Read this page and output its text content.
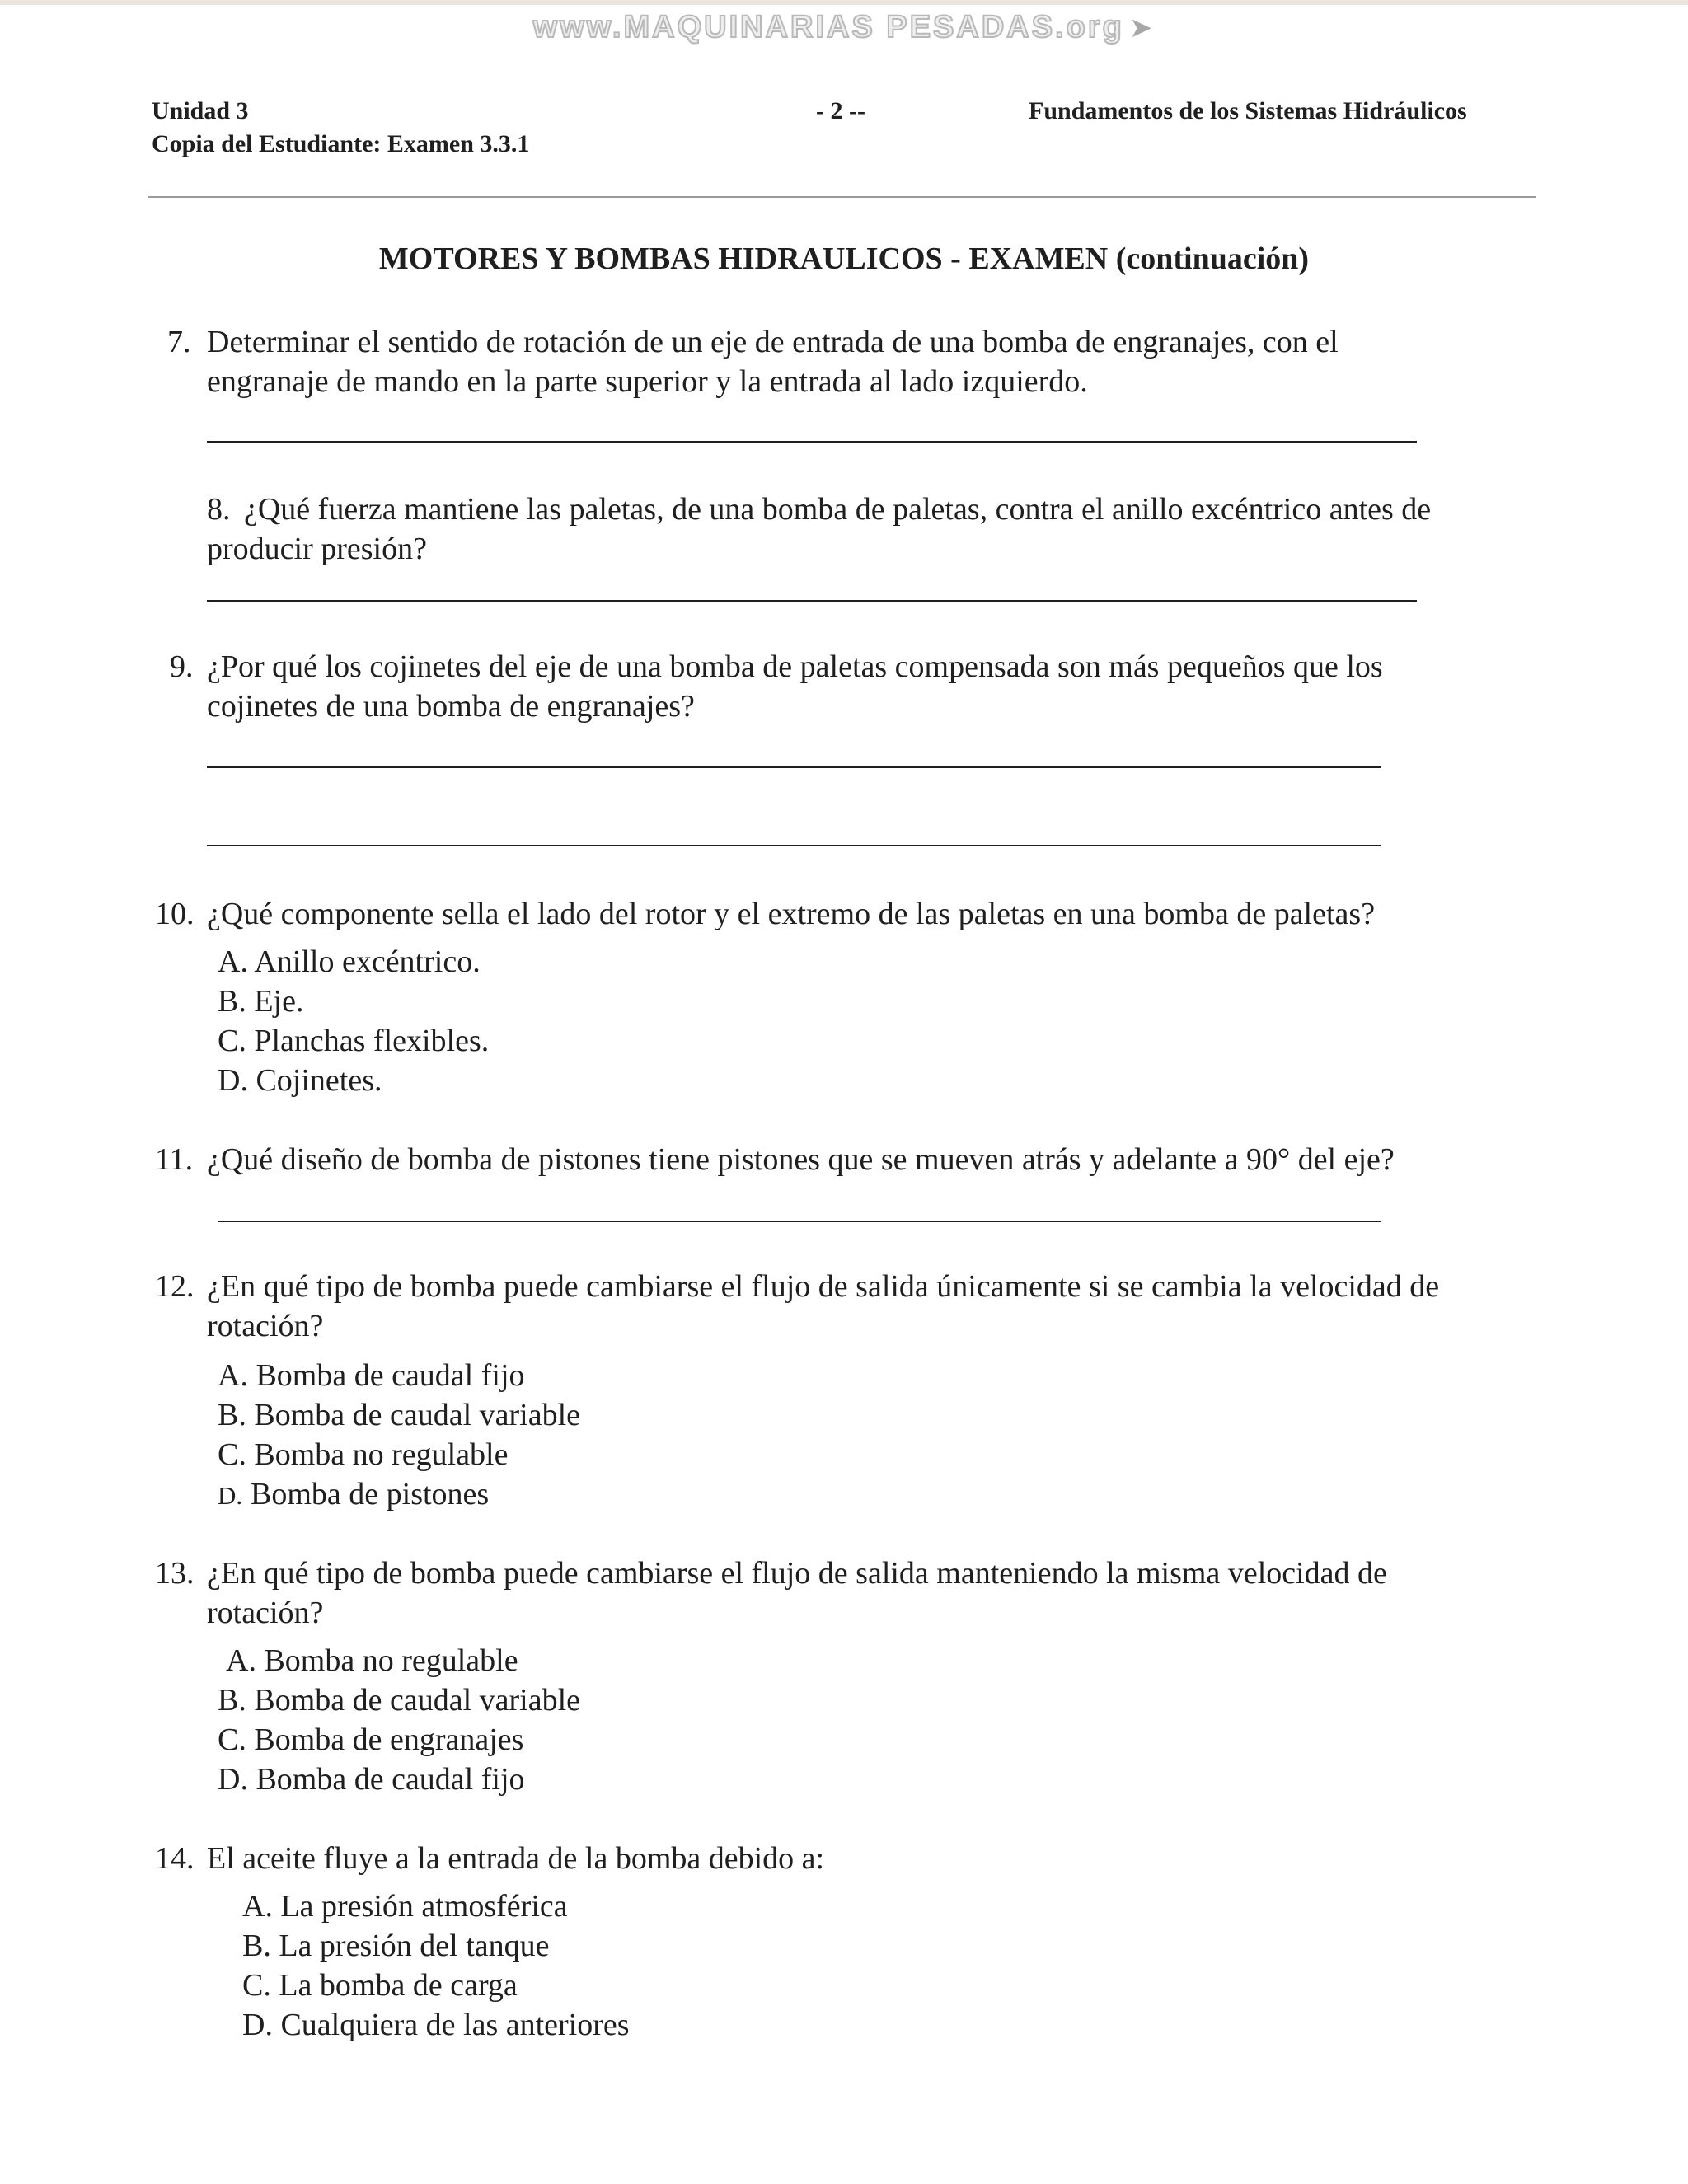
www.MAQUINARIAS PESADAS.org ➤
Unidad 3	- 2 --	Fundamentos de los Sistemas Hidráulicos
Copia del Estudiante: Examen 3.3.1
MOTORES Y BOMBAS HIDRAULICOS - EXAMEN (continuación)
7. Determinar el sentido de rotación de un eje de entrada de una bomba de engranajes, con el
engranaje de mando en la parte superior y la entrada al lado izquierdo.
8. ¿Qué fuerza mantiene las paletas, de una bomba de paletas, contra el anillo excéntrico antes de
producir presión?
9. ¿Por qué los cojinetes del eje de una bomba de paletas compensada son más pequeños que los
cojinetes de una bomba de engranajes?
10. ¿Qué componente sella el lado del rotor y el extremo de las paletas en una bomba de paletas?
A. Anillo excéntrico.
B. Eje.
C. Planchas flexibles.
D. Cojinetes.
11. ¿Qué diseño de bomba de pistones tiene pistones que se mueven atrás y adelante a 90° del eje?
12. ¿En qué tipo de bomba puede cambiarse el flujo de salida únicamente si se cambia la velocidad de
rotación?
A. Bomba de caudal fijo
B. Bomba de caudal variable
C. Bomba no regulable
D. Bomba de pistones
13. ¿En qué tipo de bomba puede cambiarse el flujo de salida manteniendo la misma velocidad de
rotación?
A. Bomba no regulable
B. Bomba de caudal variable
C. Bomba de engranajes
D. Bomba de caudal fijo
14. El aceite fluye a la entrada de la bomba debido a:
A. La presión atmosférica
B. La presión del tanque
C. La bomba de carga
D. Cualquiera de las anteriores
